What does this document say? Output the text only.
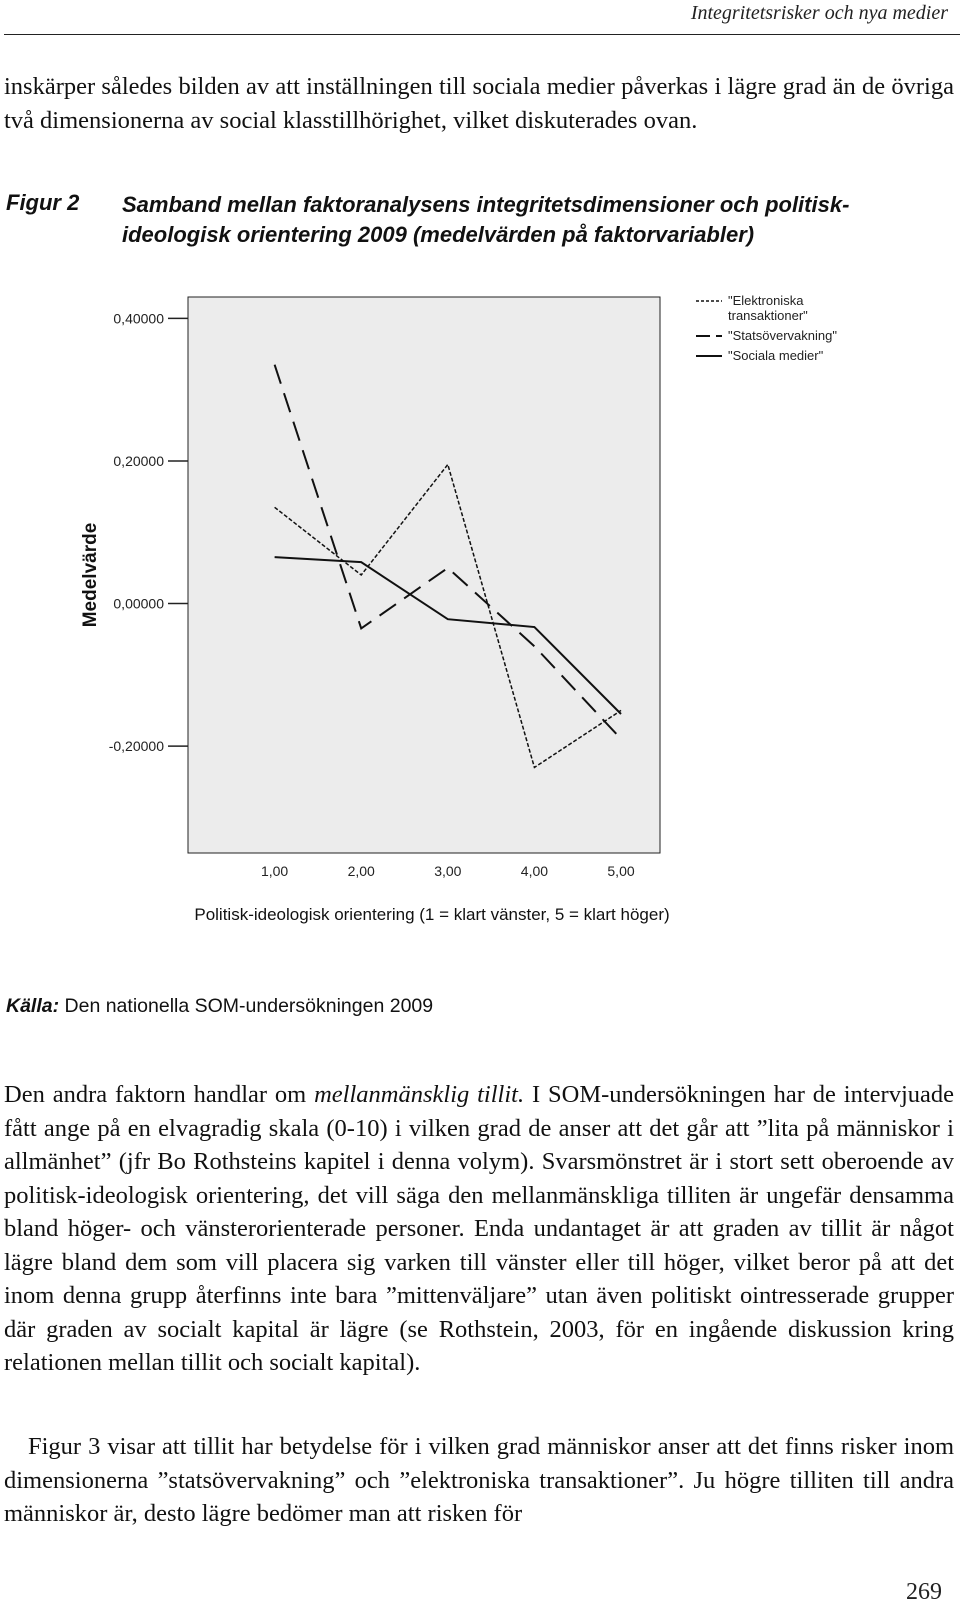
Integritetsrisker och nya medier
inskärper således bilden av att inställningen till sociala medier påverkas i lägre grad än de övriga två dimensionerna av social klasstillhörighet, vilket diskuterades ovan.
Figur 2 Samband mellan faktoranalysens integritetsdimensioner och politisk-ideologisk orientering 2009 (medelvärden på faktorvariabler)
0,40000
0,20000
0,00000
-0,20000
1,00	2,00	3,00	4,00	5,00
"Elektroniska
transaktioner"
"Statsövervakning"
"Sociala medier"
Medelvärde
Politisk-ideologisk orientering (1 = klart vänster, 5 = klart höger)
Källa: Den nationella SOM-undersökningen 2009
Den andra faktorn handlar om mellanmänsklig tillit. I SOM-undersökningen har de intervjuade fått ange på en elvagradig skala (0-10) i vilken grad de anser att det går att ”lita på människor i allmänhet” (jfr Bo Rothsteins kapitel i denna volym). Svarsmönstret är i stort sett oberoende av politisk-ideologisk orientering, det vill säga den mellanmänskliga tilliten är ungefär densamma bland höger- och vänsterorienterade personer. Enda undantaget är att graden av tillit är något lägre bland dem som vill placera sig varken till vänster eller till höger, vilket beror på att det inom denna grupp återfinns inte bara ”mittenväljare” utan även politiskt ointresserade grupper där graden av socialt kapital är lägre (se Rothstein, 2003, för en ingående diskussion kring relationen mellan tillit och socialt kapital).
Figur 3 visar att tillit har betydelse för i vilken grad människor anser att det finns risker inom dimensionerna ”statsövervakning” och ”elektroniska transaktioner”. Ju högre tilliten till andra människor är, desto lägre bedömer man att risken för
269
